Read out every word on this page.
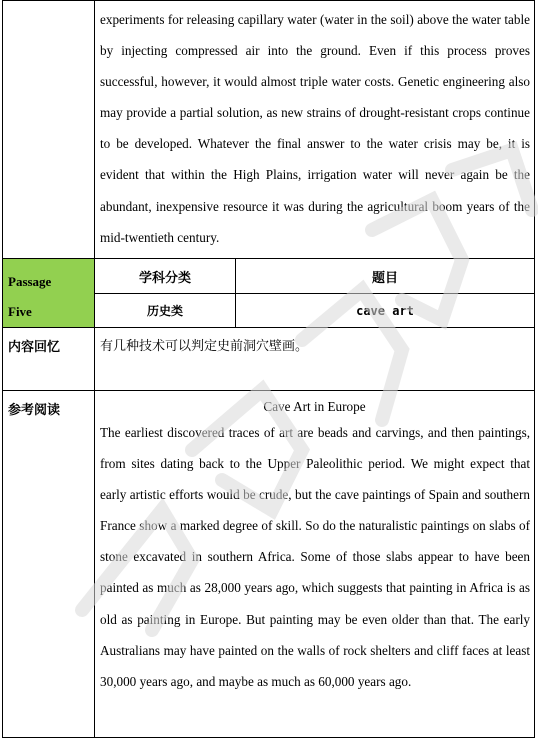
	experiments for releasing capillary water (water in the soil) above the water table by injecting compressed air into the ground. Even if this process proves successful, however, it would almost triple water costs. Genetic engineering also may provide a partial solution, as new strains of drought-resistant crops continue to be developed. Whatever the final answer to the water crisis may be, it is evident that within the High Plains, irrigation water will never again be the abundant, inexpensive resource it was during the agricultural boom years of the mid-twentieth century.	

Passage
Five	学科分类	题目
	历史类	cave art
内容回忆	有几种技术可以判定史前洞穴壁画。	
参考阅读	Cave Art in Europe
The earliest discovered traces of art are beads and carvings, and then paintings, from sites dating back to the Upper Paleolithic period. We might expect that early artistic efforts would be crude, but the cave paintings of Spain and southern France show a marked degree of skill. So do the naturalistic paintings on slabs of stone excavated in southern Africa. Some of those slabs appear to have been painted as much as 28,000 years ago, which suggests that painting in Africa is as old as painting in Europe. But painting may be even older than that. The early Australians may have painted on the walls of rock shelters and cliff faces at least 30,000 years ago, and maybe as much as 60,000 years ago.	
